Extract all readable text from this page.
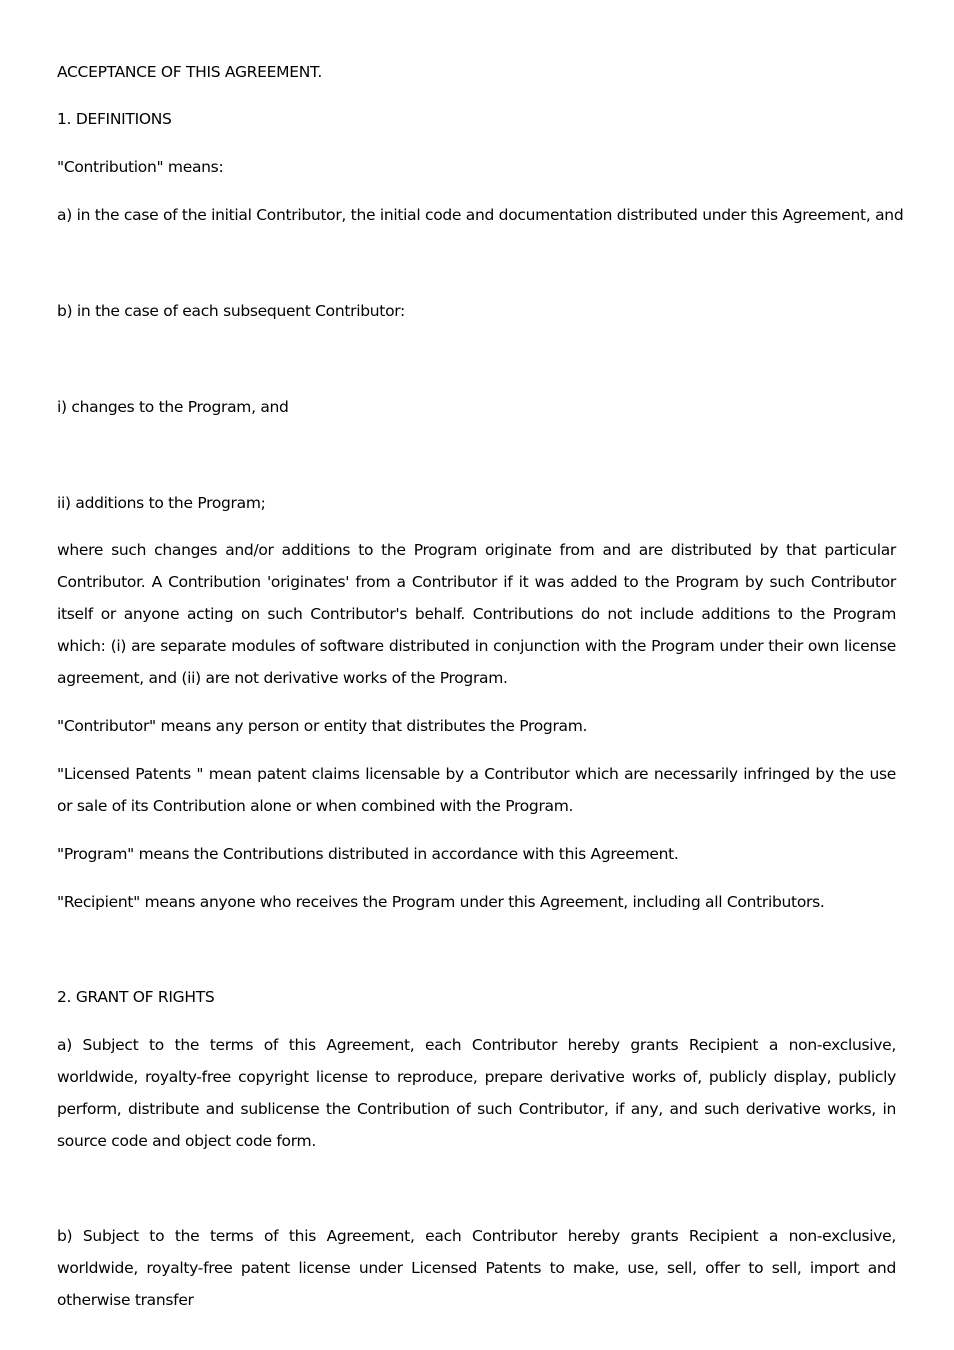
ACCEPTANCE OF THIS AGREEMENT.
1. DEFINITIONS
"Contribution" means:
a) in the case of the initial Contributor, the initial code and documentation distributed under this Agreement, and
b) in the case of each subsequent Contributor:
i) changes to the Program, and
ii) additions to the Program;

where such changes and/or additions to the Program originate from and are distributed by that particular Contributor. A Contribution 'originates' from a Contributor if it was added to the Program by such Contributor itself or anyone acting on such Contributor's behalf. Contributions do not include additions to the Program which: (i) are separate modules of software distributed in conjunction with the Program under their own license agreement, and (ii) are not derivative works of the Program.

"Contributor" means any person or entity that distributes the Program.

"Licensed Patents " mean patent claims licensable by a Contributor which are necessarily infringed by the use or sale of its Contribution alone or when combined with the Program.

"Program" means the Contributions distributed in accordance with this Agreement.
"Recipient" means anyone who receives the Program under this Agreement, including all Contributors.
2. GRANT OF RIGHTS

a) Subject to the terms of this Agreement, each Contributor hereby grants Recipient a non-exclusive, worldwide, royalty-free copyright license to reproduce, prepare derivative works of, publicly display, publicly perform, distribute and sublicense the Contribution of such Contributor, if any, and such derivative works, in source code and object code form.

b) Subject to the terms of this Agreement, each Contributor hereby grants Recipient a non-exclusive, worldwide, royalty-free patent license under Licensed Patents to make, use, sell, offer to sell, import and otherwise transfer
